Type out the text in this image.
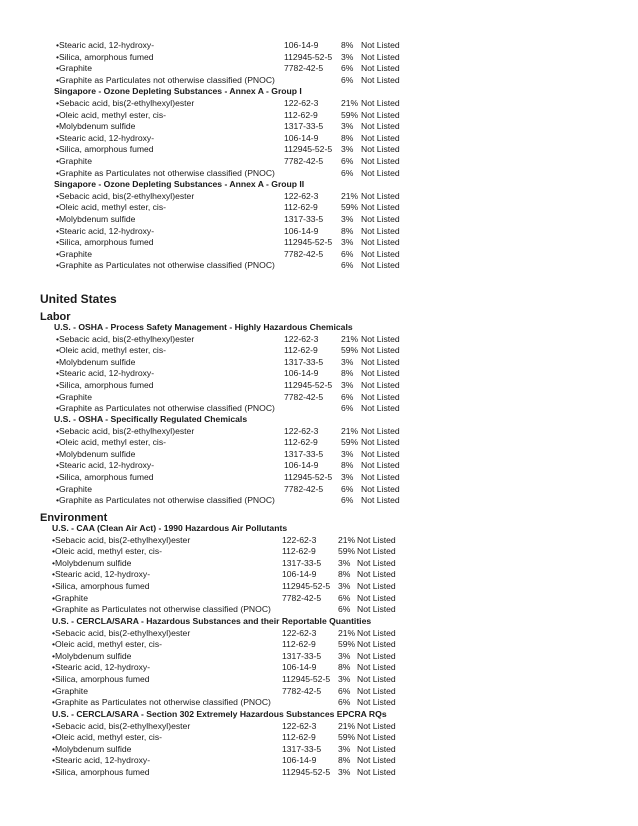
United States
Labor
Environment
•Stearic acid, 12-hydroxy-	106-14-9	8% Not Listed
•Silica, amorphous fumed	112945-52-5 3% Not Listed
•Graphite	7782-42-5 6% Not Listed
•Graphite as Particulates not otherwise classified (PNOC)	6% Not Listed
Singapore - Ozone Depleting Substances - Annex A - Group I
•Sebacic acid, bis(2-ethylhexyl)ester	122-62-3	21% Not Listed
•Oleic acid, methyl ester, cis-	112-62-9	59% Not Listed
•Molybdenum sulfide	1317-33-5 3% Not Listed
•Stearic acid, 12-hydroxy-	106-14-9	8% Not Listed
•Silica, amorphous fumed	112945-52-5 3% Not Listed
•Graphite	7782-42-5 6% Not Listed
•Graphite as Particulates not otherwise classified (PNOC)	6% Not Listed
Singapore - Ozone Depleting Substances - Annex A - Group II
•Sebacic acid, bis(2-ethylhexyl)ester	122-62-3	21% Not Listed
•Oleic acid, methyl ester, cis-	112-62-9	59% Not Listed
•Molybdenum sulfide	1317-33-5 3% Not Listed
•Stearic acid, 12-hydroxy-	106-14-9	8% Not Listed
•Silica, amorphous fumed	112945-52-5 3% Not Listed
•Graphite	7782-42-5 6% Not Listed
•Graphite as Particulates not otherwise classified (PNOC)	6% Not Listed
U.S. - OSHA - Process Safety Management - Highly Hazardous Chemicals
•Sebacic acid, bis(2-ethylhexyl)ester	122-62-3	21% Not Listed
•Oleic acid, methyl ester, cis-	112-62-9	59% Not Listed
•Molybdenum sulfide	1317-33-5 3% Not Listed
•Stearic acid, 12-hydroxy-	106-14-9	8% Not Listed
•Silica, amorphous fumed	112945-52-5 3% Not Listed
•Graphite	7782-42-5 6% Not Listed
•Graphite as Particulates not otherwise classified (PNOC)	6% Not Listed
U.S. - OSHA - Specifically Regulated Chemicals
•Sebacic acid, bis(2-ethylhexyl)ester	122-62-3	21% Not Listed
•Oleic acid, methyl ester, cis-	112-62-9	59% Not Listed
•Molybdenum sulfide	1317-33-5 3% Not Listed
•Stearic acid, 12-hydroxy-	106-14-9	8% Not Listed
•Silica, amorphous fumed	112945-52-5 3% Not Listed
•Graphite	7782-42-5 6% Not Listed
•Graphite as Particulates not otherwise classified (PNOC)	6% Not Listed
U.S. - CAA (Clean Air Act) - 1990 Hazardous Air Pollutants
•Sebacic acid, bis(2-ethylhexyl)ester	122-62-3	21% Not Listed
•Oleic acid, methyl ester, cis-	112-62-9	59% Not Listed
•Molybdenum sulfide	1317-33-5 3% Not Listed
•Stearic acid, 12-hydroxy-	106-14-9	8% Not Listed
•Silica, amorphous fumed	112945-52-5 3% Not Listed
•Graphite	7782-42-5 6% Not Listed
•Graphite as Particulates not otherwise classified (PNOC)	6% Not Listed
U.S. - CERCLA/SARA - Hazardous Substances and their Reportable Quantities
•Sebacic acid, bis(2-ethylhexyl)ester	122-62-3	21% Not Listed
•Oleic acid, methyl ester, cis-	112-62-9	59% Not Listed
•Molybdenum sulfide	1317-33-5 3% Not Listed
•Stearic acid, 12-hydroxy-	106-14-9	8% Not Listed
•Silica, amorphous fumed	112945-52-5 3% Not Listed
•Graphite	7782-42-5 6% Not Listed
•Graphite as Particulates not otherwise classified (PNOC)	6% Not Listed
U.S. - CERCLA/SARA - Section 302 Extremely Hazardous Substances EPCRA RQs
•Sebacic acid, bis(2-ethylhexyl)ester	122-62-3	21% Not Listed
•Oleic acid, methyl ester, cis-	112-62-9	59% Not Listed
•Molybdenum sulfide	1317-33-5 3% Not Listed
•Stearic acid, 12-hydroxy-	106-14-9	8% Not Listed
•Silica, amorphous fumed	112945-52-5 3% Not Listed
